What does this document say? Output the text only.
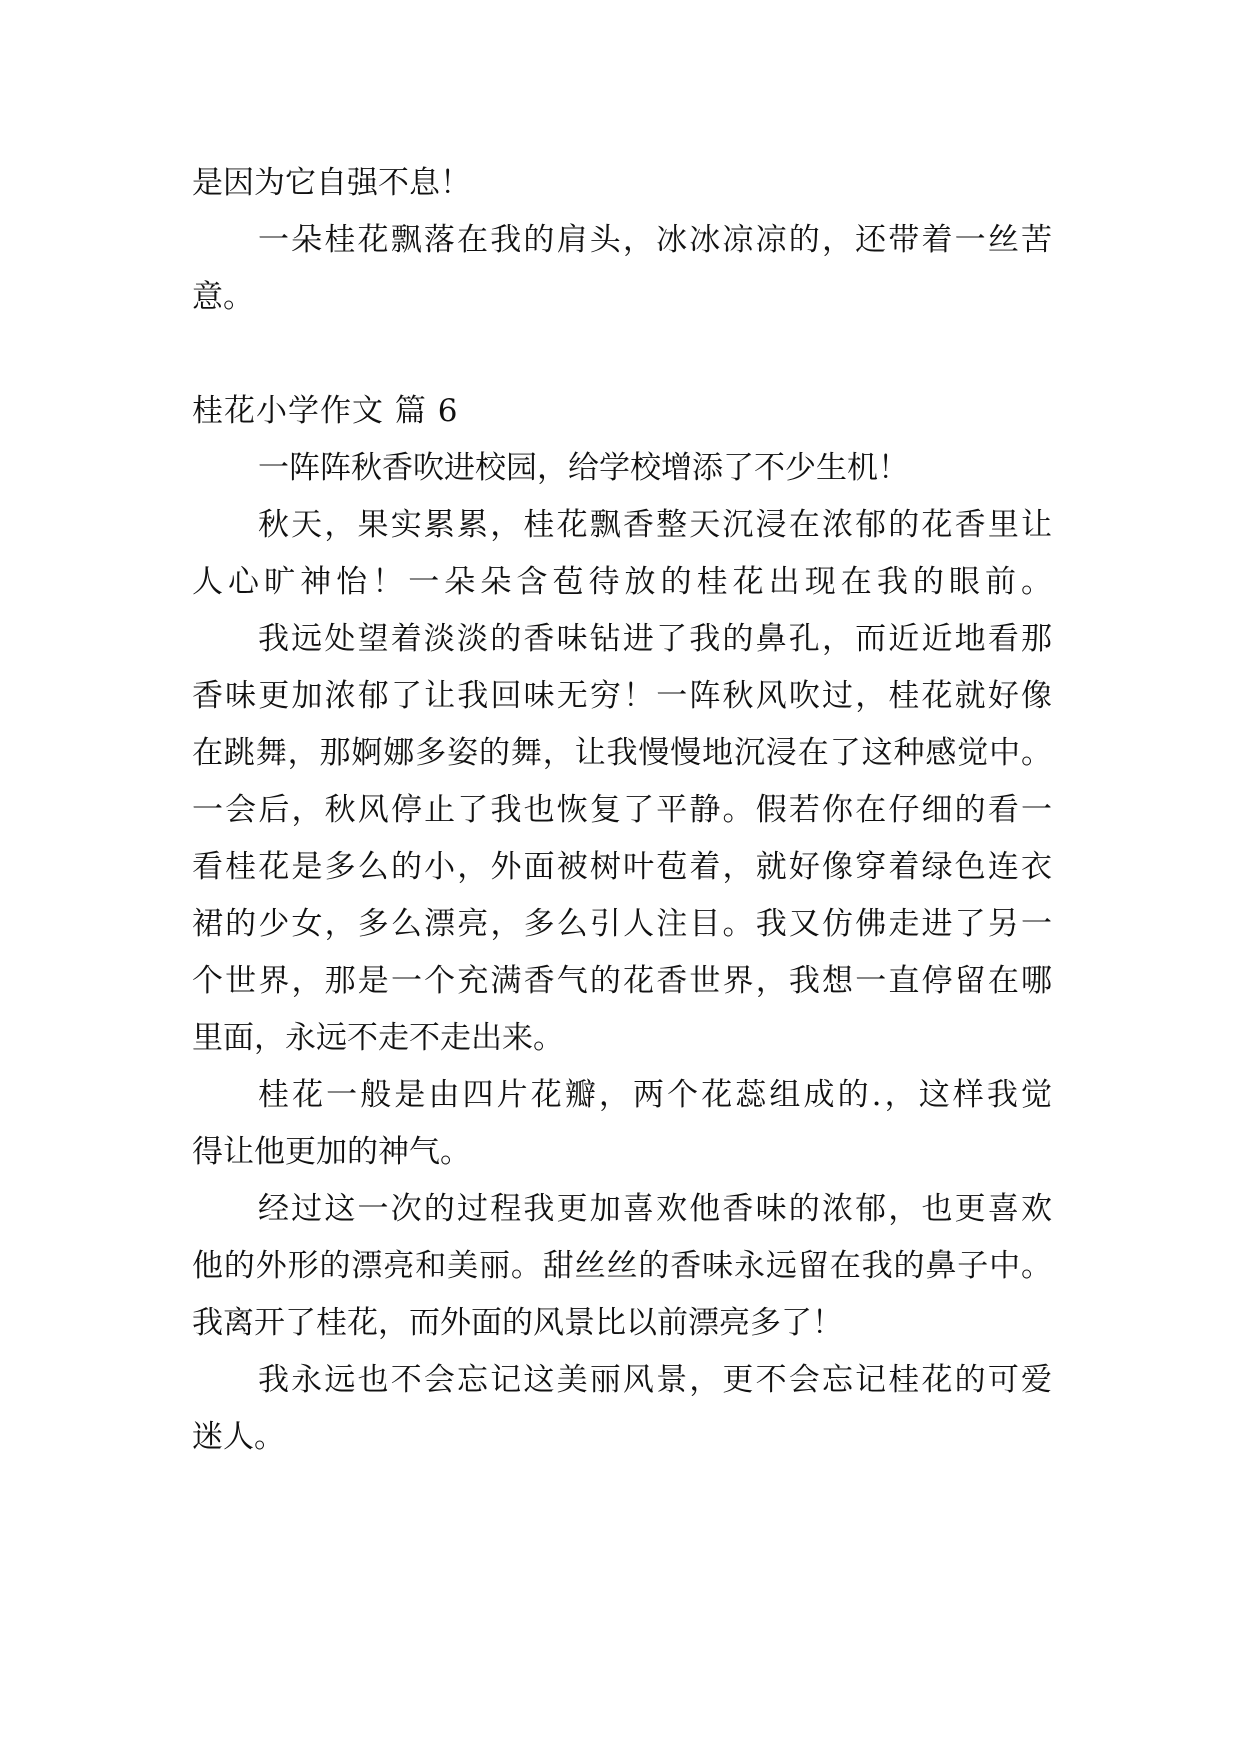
是因为它自强不息！
一朵桂花飘落在我的肩头，冰冰凉凉的，还带着一丝苦
意。
桂花小学作文 篇 6
一阵阵秋香吹进校园，给学校增添了不少生机！
秋天，果实累累，桂花飘香整天沉浸在浓郁的花香里让
人心旷神怡！一朵朵含苞待放的桂花出现在我的眼前。
我远处望着淡淡的香味钻进了我的鼻孔，而近近地看那
香味更加浓郁了让我回味无穷！一阵秋风吹过，桂花就好像
在跳舞，那婀娜多姿的舞，让我慢慢地沉浸在了这种感觉中。
一会后，秋风停止了我也恢复了平静。假若你在仔细的看一
看桂花是多么的小，外面被树叶苞着，就好像穿着绿色连衣
裙的少女，多么漂亮，多么引人注目。我又仿佛走进了另一
个世界，那是一个充满香气的花香世界，我想一直停留在哪
里面，永远不走不走出来。
桂花一般是由四片花瓣，两个花蕊组成的.，这样我觉
得让他更加的神气。
经过这一次的过程我更加喜欢他香味的浓郁，也更喜欢
他的外形的漂亮和美丽。甜丝丝的香味永远留在我的鼻子中。
我离开了桂花，而外面的风景比以前漂亮多了！
我永远也不会忘记这美丽风景，更不会忘记桂花的可爱
迷人。
